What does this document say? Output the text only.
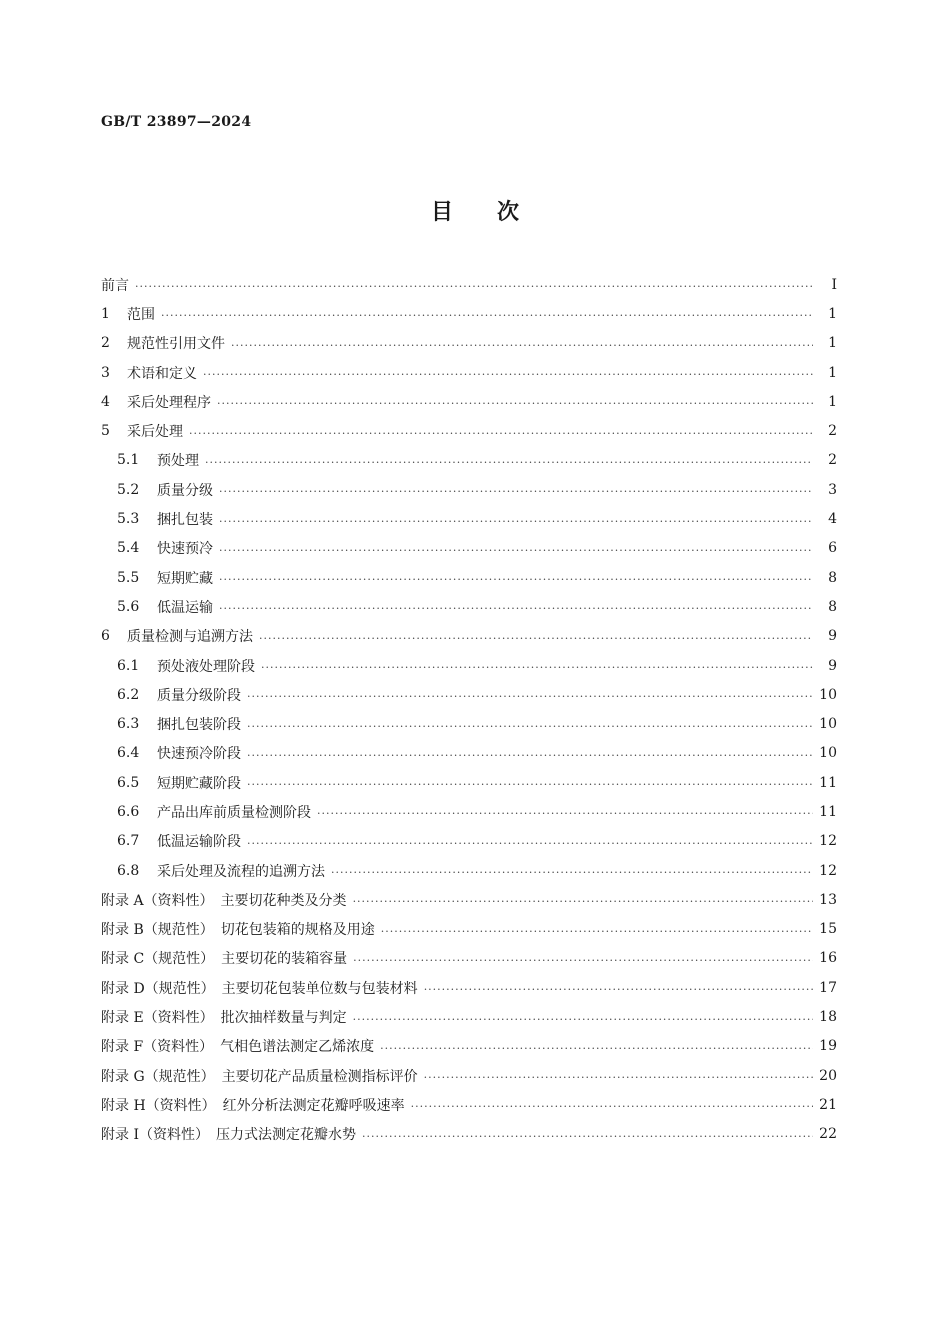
GB/T 23897—2024
目　　次
前言 ·····	I
1	范围 ·····	1
2	规范性引用文件 ·····	1
3	术语和定义 ·····	1
4	采后处理程序 ·····	1
5	采后处理 ·····	2
5.1	预处理 ·····	2
5.2	质量分级 ·····	3
5.3	捆扎包装 ·····	4
5.4	快速预冷 ·····	6
5.5	短期贮藏 ·····	8
5.6	低温运输 ·····	8
6	质量检测与追溯方法 ·····	9
6.1	预处液处理阶段 ·····	9
6.2	质量分级阶段 ·····	10
6.3	捆扎包装阶段 ·····	10
6.4	快速预冷阶段 ·····	10
6.5	短期贮藏阶段 ·····	11
6.6	产品出库前质量检测阶段 ·····	11
6.7	低温运输阶段 ·····	12
6.8	采后处理及流程的追溯方法 ·····	12
附录 A（资料性）　主要切花种类及分类 ·····	13
附录 B（规范性）　切花包装箱的规格及用途 ·····	15
附录 C（规范性）　主要切花的装箱容量 ·····	16
附录 D（规范性）　主要切花包装单位数与包装材料 ·····	17
附录 E（资料性）　批次抽样数量与判定 ·····	18
附录 F（资料性）　气相色谱法测定乙烯浓度 ·····	19
附录 G（规范性）　主要切花产品质量检测指标评价 ·····	20
附录 H（资料性）　红外分析法测定花瓣呼吸速率 ·····	21
附录 I（资料性）　压力式法测定花瓣水势 ·····	22
